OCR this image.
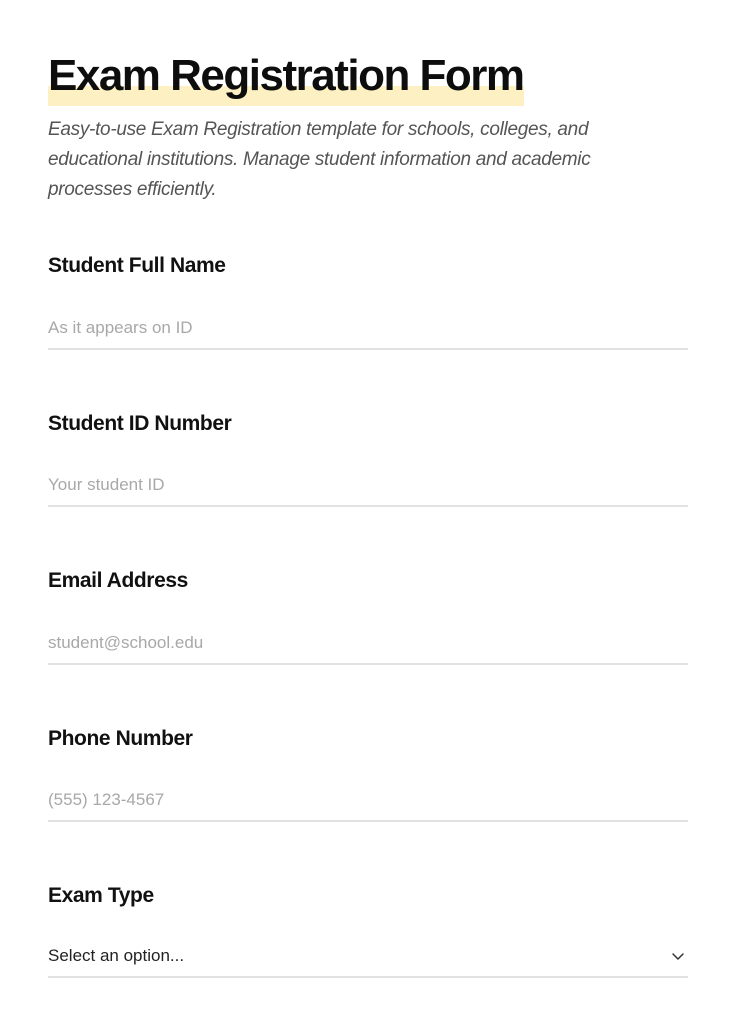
Exam Registration Form

Easy-to-use Exam Registration template for schools, colleges, and educational institutions. Manage student information and academic processes efficiently.

Student Full Name
As it appears on ID
Student ID Number
Your student ID
Email Address
student@school.edu
Phone Number
(555) 123-4567
Exam Type
Select an option...
